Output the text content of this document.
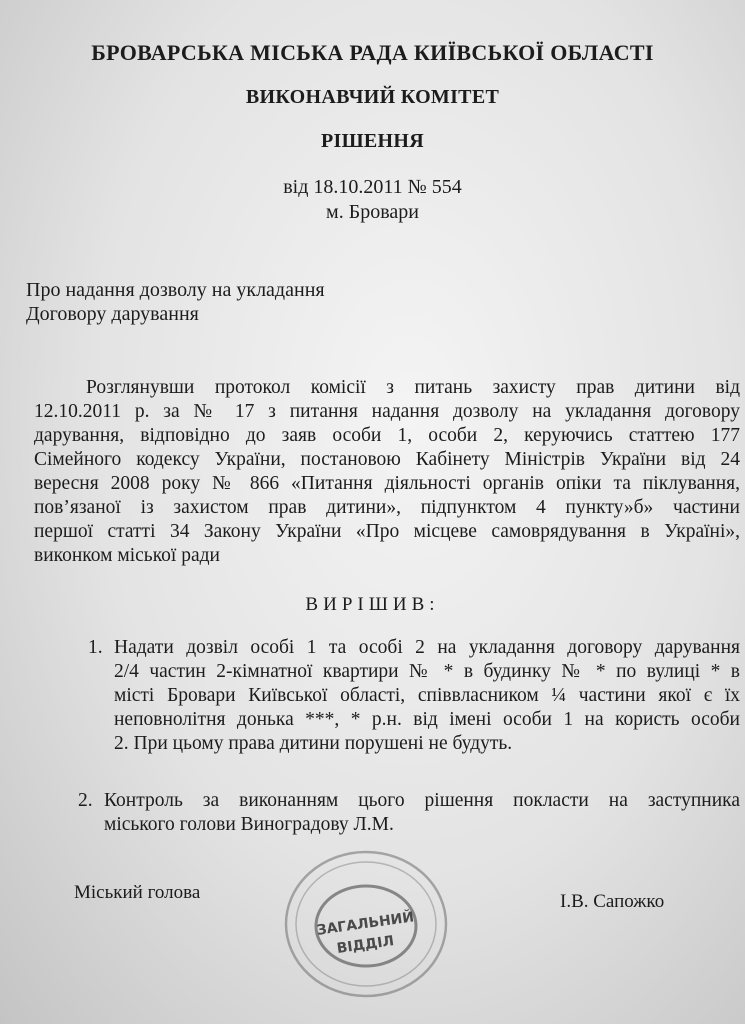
БРОВАРСЬКА МІСЬКА РАДА КИЇВСЬКОЇ ОБЛАСТІ
ВИКОНАВЧИЙ КОМІТЕТ
РІШЕННЯ
від 18.10.2011 № 554
м. Бровари
Про надання дозволу на укладання
Договору дарування
Розглянувши протокол комісії з питань захисту прав дитини від
12.10.2011 р. за № 17 з питання надання дозволу на укладання договору
дарування, відповідно до заяв особи 1, особи 2, керуючись статтею 177
Сімейного кодексу України, постановою Кабінету Міністрів України від 24
вересня 2008 року № 866 «Питання діяльності органів опіки та піклування,
пов’язаної із захистом прав дитини», підпунктом 4 пункту»б» частини
першої статті 34 Закону України «Про місцеве самоврядування в Україні»,
виконком міської ради
ВИРІШИВ:
1. Надати дозвіл особі 1 та особі 2 на укладання договору дарування
2/4 частин 2-кімнатної квартири № * в будинку № * по вулиці * в
місті Бровари Київської області, співвласником ¼ частини якої є їх
неповнолітня донька ***, * р.н. від імені особи 1 на користь особи
2. При цьому права дитини порушені не будуть.
2. Контроль за виконанням цього рішення покласти на заступника
міського голови Виноградову Л.М.
Міський голова	І.В. Сапожко
ЗАГАЛЬНИЙ
ВІДДІЛ
